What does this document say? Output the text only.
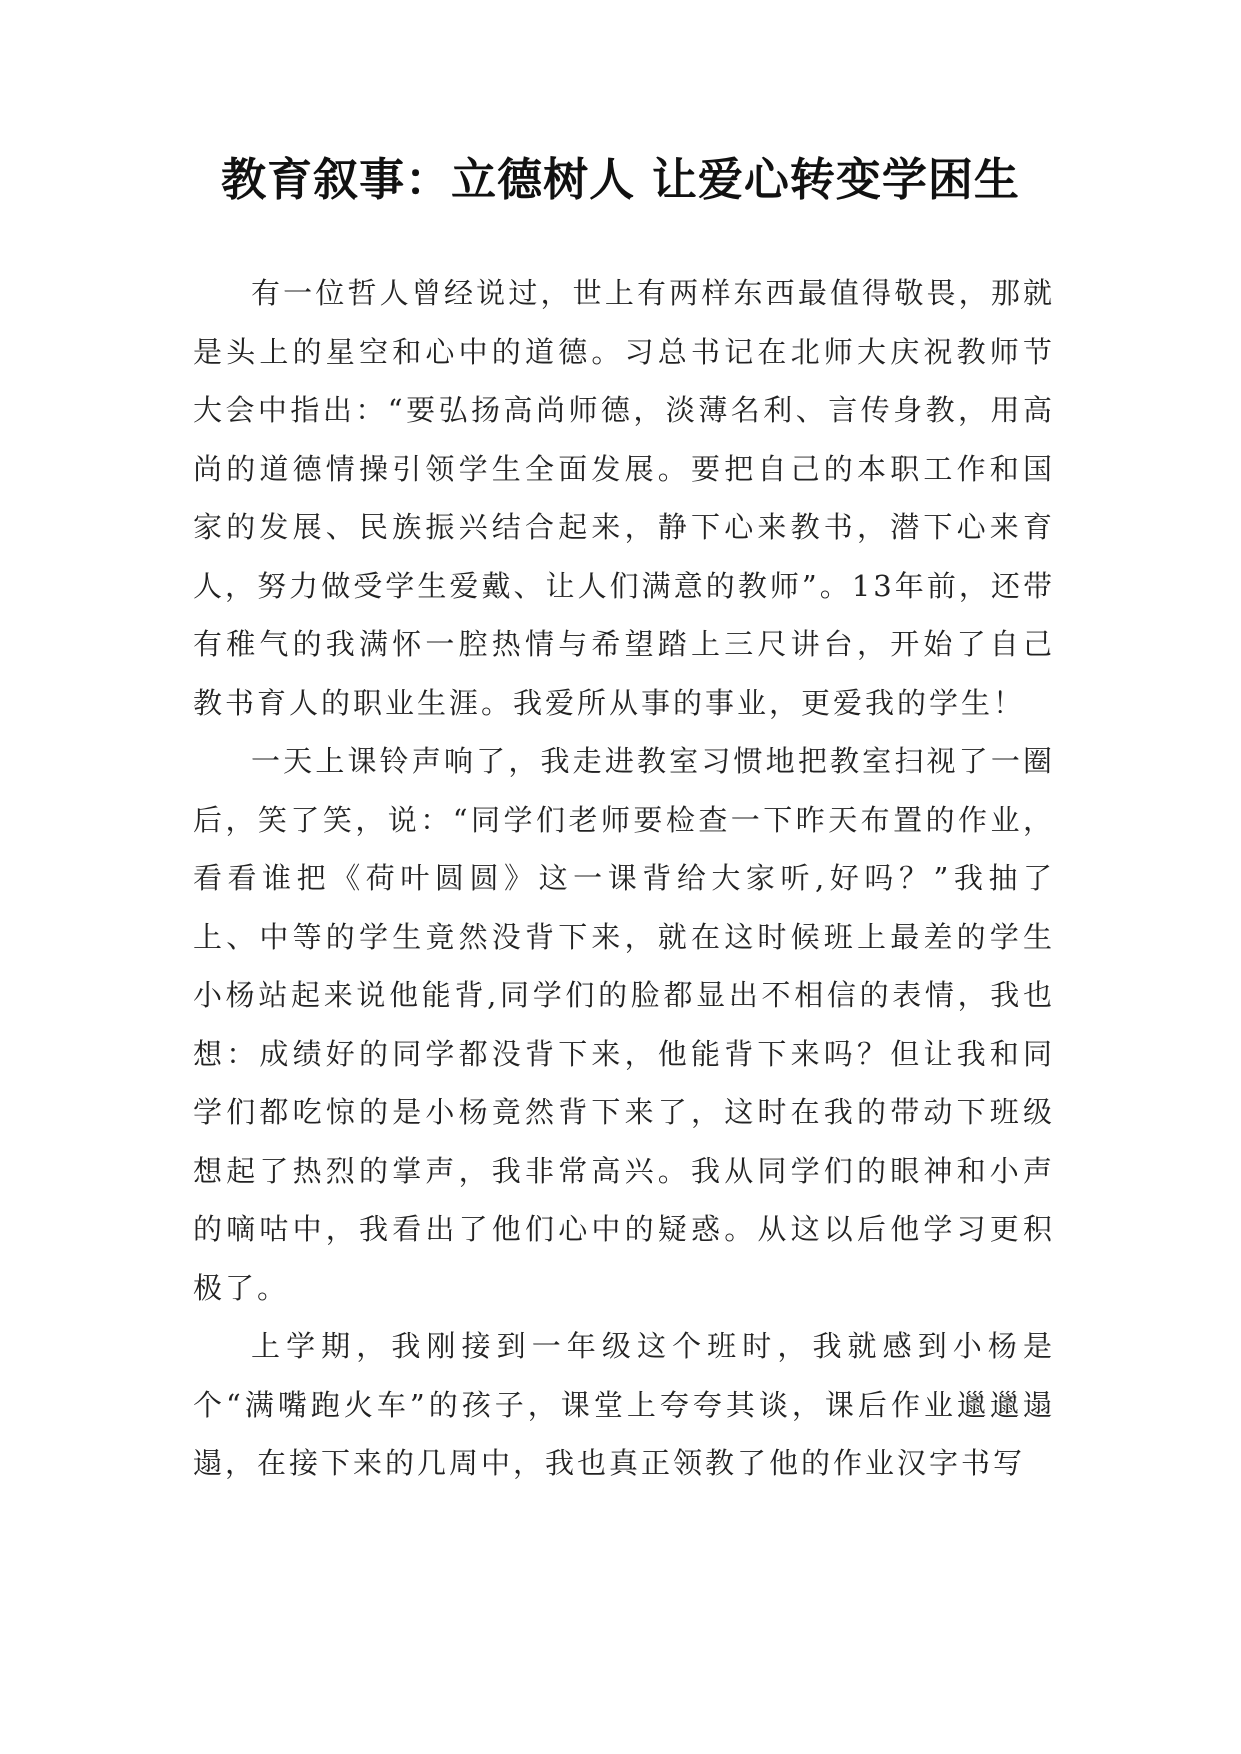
教育叙事：立德树人 让爱心转变学困生

有一位哲人曾经说过，世上有两样东西最值得敬畏，那就是头上的星空和心中的道德。习总书记在北师大庆祝教师节大会中指出：“要弘扬高尚师德，淡薄名利、言传身教，用高尚的道德情操引领学生全面发展。要把自己的本职工作和国家的发展、民族振兴结合起来，静下心来教书，潜下心来育人，努力做受学生爱戴、让人们满意的教师”。13年前，还带有稚气的我满怀一腔热情与希望踏上三尺讲台，开始了自己教书育人的职业生涯。我爱所从事的事业，更爱我的学生！

一天上课铃声响了，我走进教室习惯地把教室扫视了一圈后，笑了笑，说：“同学们老师要检查一下昨天布置的作业，看看谁把《荷叶圆圆》这一课背给大家听,好吗？”我抽了上、中等的学生竟然没背下来，就在这时候班上最差的学生小杨站起来说他能背,同学们的脸都显出不相信的表情，我也想：成绩好的同学都没背下来，他能背下来吗？但让我和同学们都吃惊的是小杨竟然背下来了，这时在我的带动下班级想起了热烈的掌声，我非常高兴。我从同学们的眼神和小声的嘀咕中，我看出了他们心中的疑惑。从这以后他学习更积极了。

上学期，我刚接到一年级这个班时，我就感到小杨是个“满嘴跑火车”的孩子，课堂上夸夸其谈，课后作业邋邋遢遢，在接下来的几周中，我也真正领教了他的作业汉字书写
